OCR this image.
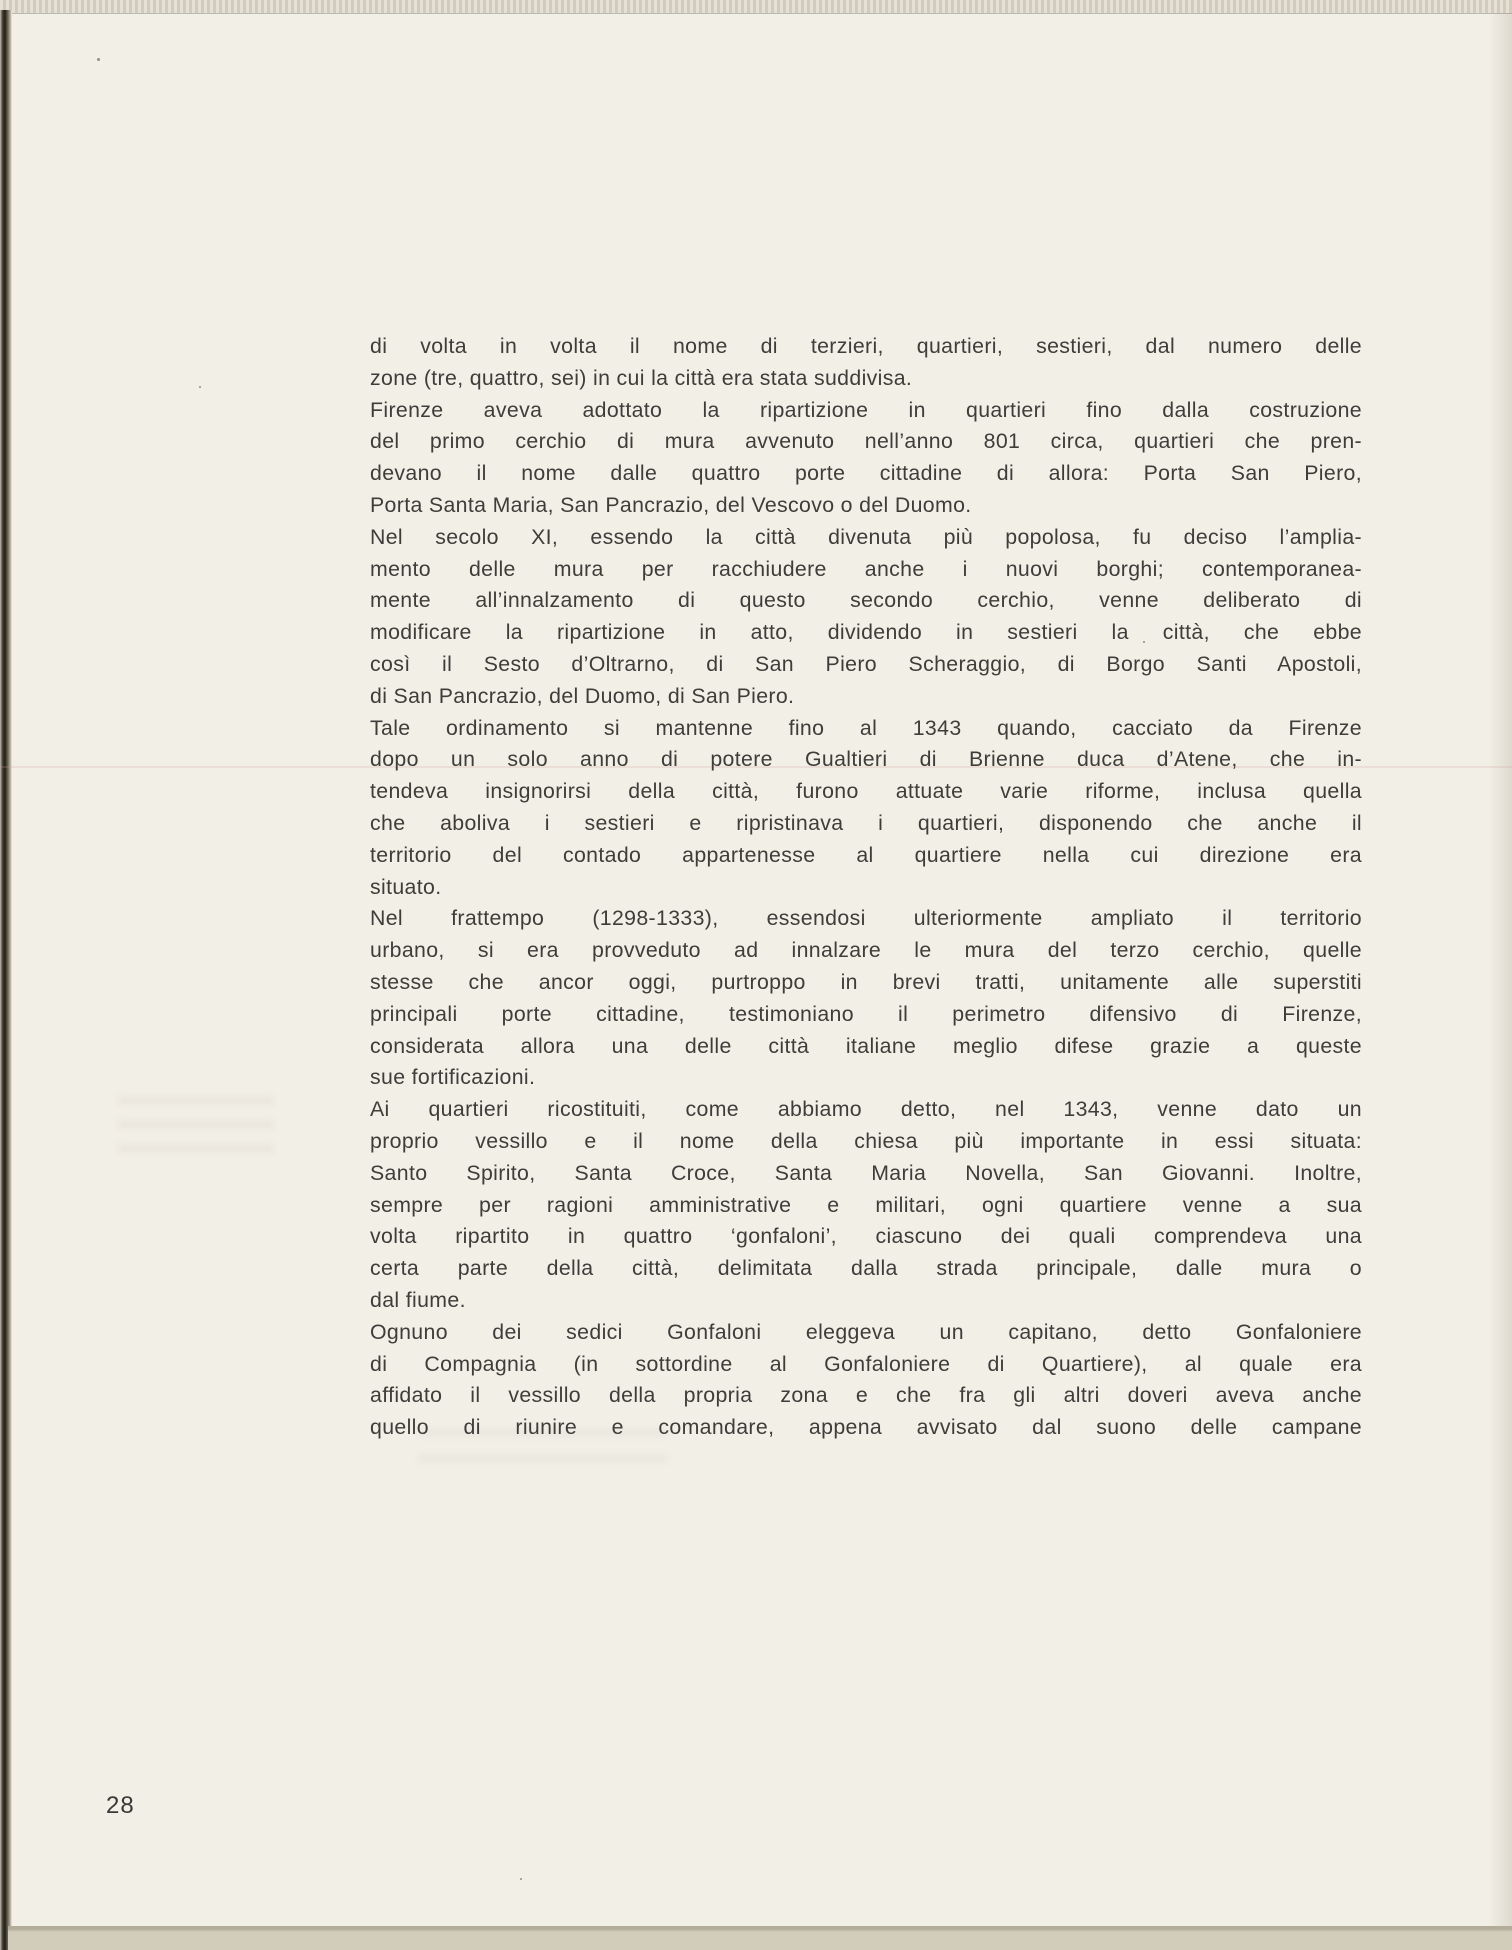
di volta in volta il nome di terzieri, quartieri, sestieri, dal numero delle
zone (tre, quattro, sei) in cui la città era stata suddivisa.
Firenze aveva adottato la ripartizione in quartieri fino dalla costruzione
del primo cerchio di mura avvenuto nell’anno 801 circa, quartieri che pren-
devano il nome dalle quattro porte cittadine di allora: Porta San Piero,
Porta Santa Maria, San Pancrazio, del Vescovo o del Duomo.
Nel secolo XI, essendo la città divenuta più popolosa, fu deciso l’amplia-
mento delle mura per racchiudere anche i nuovi borghi; contemporanea-
mente all’innalzamento di questo secondo cerchio, venne deliberato di
modificare la ripartizione in atto, dividendo in sestieri la città, che ebbe
così il Sesto d’Oltrarno, di San Piero Scheraggio, di Borgo Santi Apostoli,
di San Pancrazio, del Duomo, di San Piero.
Tale ordinamento si mantenne fino al 1343 quando, cacciato da Firenze
dopo un solo anno di potere Gualtieri di Brienne duca d’Atene, che in-
tendeva insignorirsi della città, furono attuate varie riforme, inclusa quella
che aboliva i sestieri e ripristinava i quartieri, disponendo che anche il
territorio del contado appartenesse al quartiere nella cui direzione era
situato.
Nel frattempo (1298-1333), essendosi ulteriormente ampliato il territorio
urbano, si era provveduto ad innalzare le mura del terzo cerchio, quelle
stesse che ancor oggi, purtroppo in brevi tratti, unitamente alle superstiti
principali porte cittadine, testimoniano il perimetro difensivo di Firenze,
considerata allora una delle città italiane meglio difese grazie a queste
sue fortificazioni.
Ai quartieri ricostituiti, come abbiamo detto, nel 1343, venne dato un
proprio vessillo e il nome della chiesa più importante in essi situata:
Santo Spirito, Santa Croce, Santa Maria Novella, San Giovanni. Inoltre,
sempre per ragioni amministrative e militari, ogni quartiere venne a sua
volta ripartito in quattro ‘gonfaloni’, ciascuno dei quali comprendeva una
certa parte della città, delimitata dalla strada principale, dalle mura o
dal fiume.
Ognuno dei sedici Gonfaloni eleggeva un capitano, detto Gonfaloniere
di Compagnia (in sottordine al Gonfaloniere di Quartiere), al quale era
affidato il vessillo della propria zona e che fra gli altri doveri aveva anche
quello di riunire e comandare, appena avvisato dal suono delle campane
28
